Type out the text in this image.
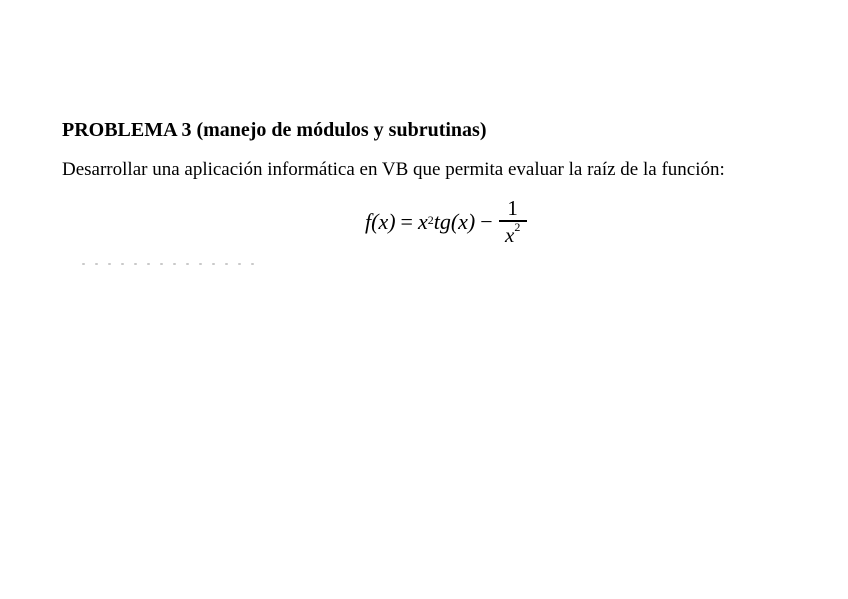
PROBLEMA 3 (manejo de módulos y subrutinas)
Desarrollar una aplicación informática en VB que permita evaluar la raíz de la función:
$f(x) = x^2$ $tg(x) - \frac{1}{x^2}$
